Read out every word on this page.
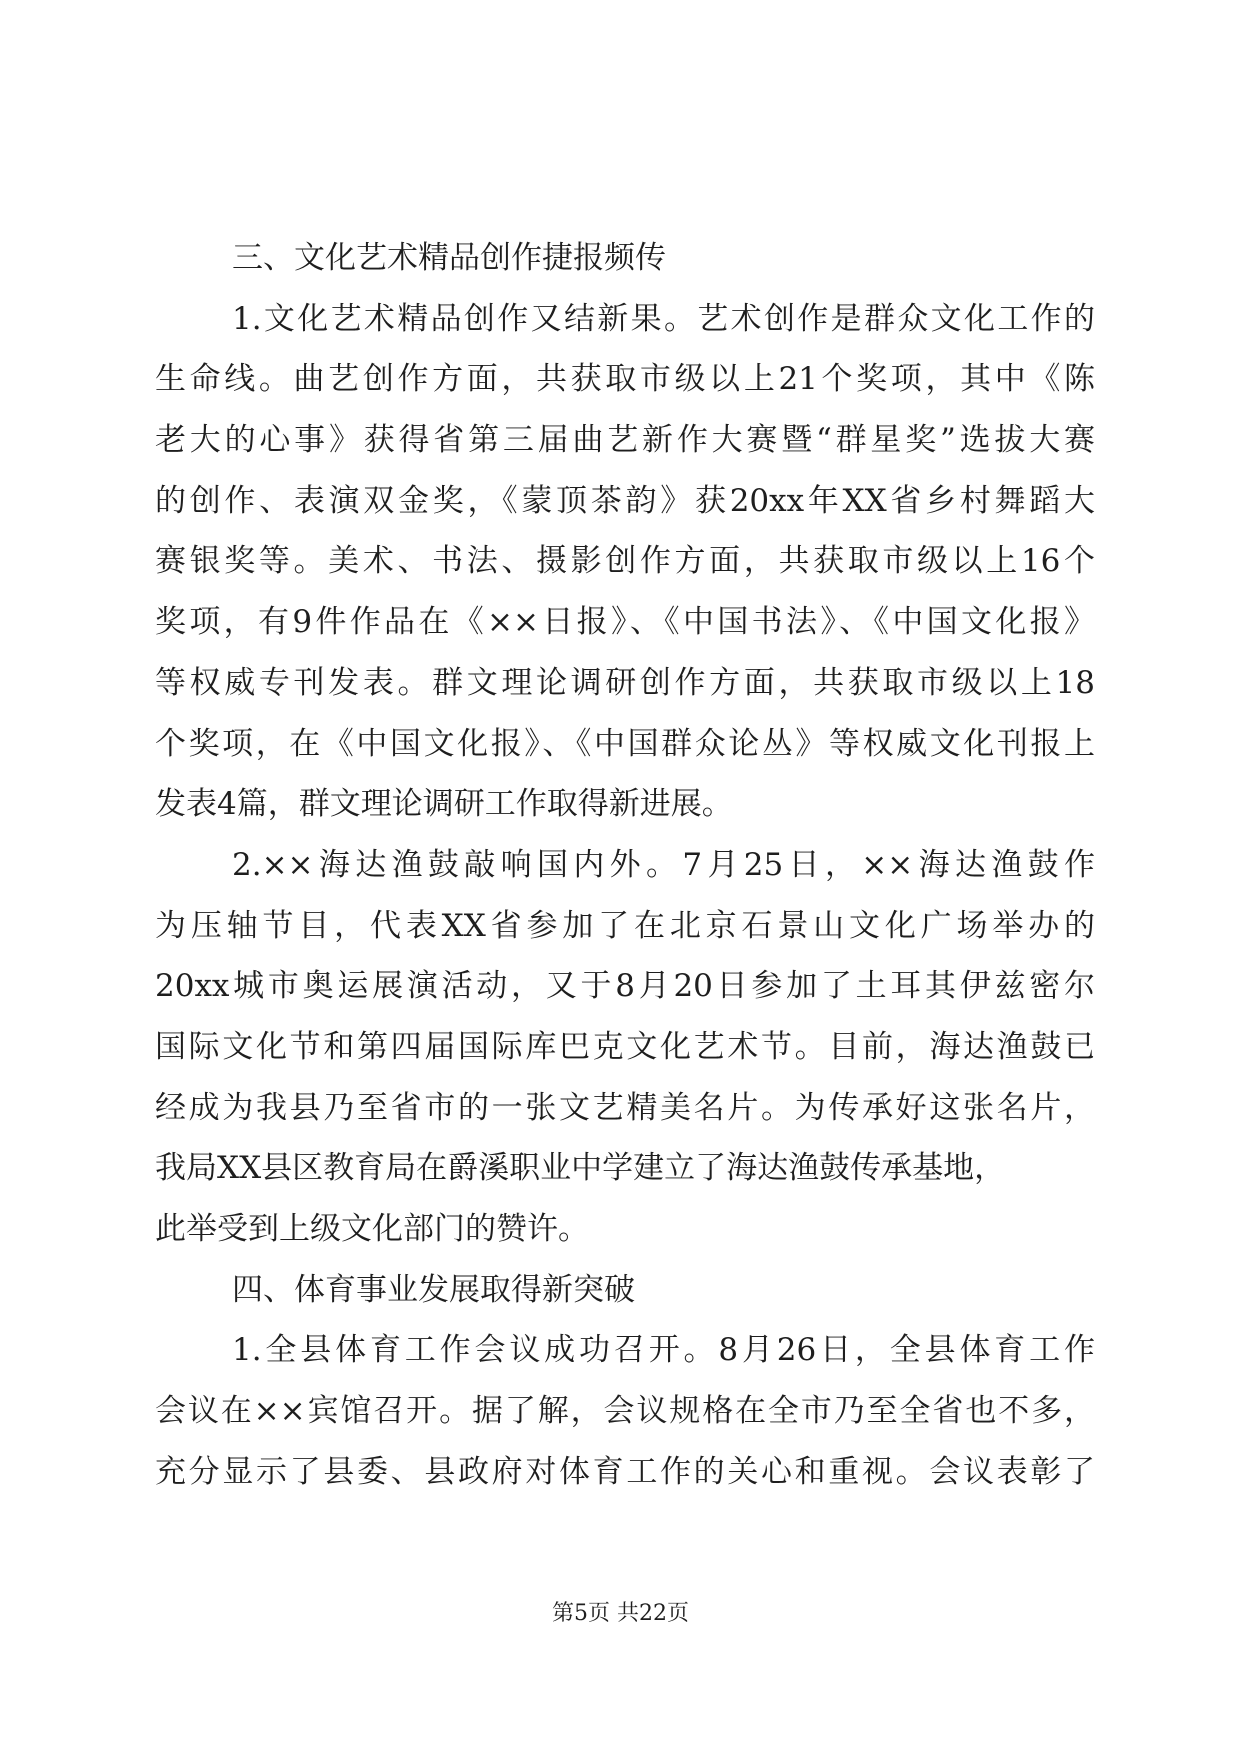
三、文化艺术精品创作捷报频传
1.文化艺术精品创作又结新果。艺术创作是群众文化工作的
生命线。曲艺创作方面，共获取市级以上21个奖项，其中《陈
老大的心事》获得省第三届曲艺新作大赛暨“群星奖”选拔大赛
的创作、表演双金奖，《蒙顶茶韵》获20xx年XX省乡村舞蹈大
赛银奖等。美术、书法、摄影创作方面，共获取市级以上16个
奖项，有9件作品在《××日报》、《中国书法》、《中国文化报》
等权威专刊发表。群文理论调研创作方面，共获取市级以上18
个奖项，在《中国文化报》、《中国群众论丛》等权威文化刊报上
发表4篇，群文理论调研工作取得新进展。
2.××海达渔鼓敲响国内外。7月25日，××海达渔鼓作
为压轴节目，代表XX省参加了在北京石景山文化广场举办的
20xx城市奥运展演活动，又于8月20日参加了土耳其伊兹密尔
国际文化节和第四届国际库巴克文化艺术节。目前，海达渔鼓已
经成为我县乃至省市的一张文艺精美名片。为传承好这张名片，
我局XX县区教育局在爵溪职业中学建立了海达渔鼓传承基地，
此举受到上级文化部门的赞许。
四、体育事业发展取得新突破
1.全县体育工作会议成功召开。8月26日，全县体育工作
会议在××宾馆召开。据了解，会议规格在全市乃至全省也不多，
充分显示了县委、县政府对体育工作的关心和重视。会议表彰了
第5页 共22页
